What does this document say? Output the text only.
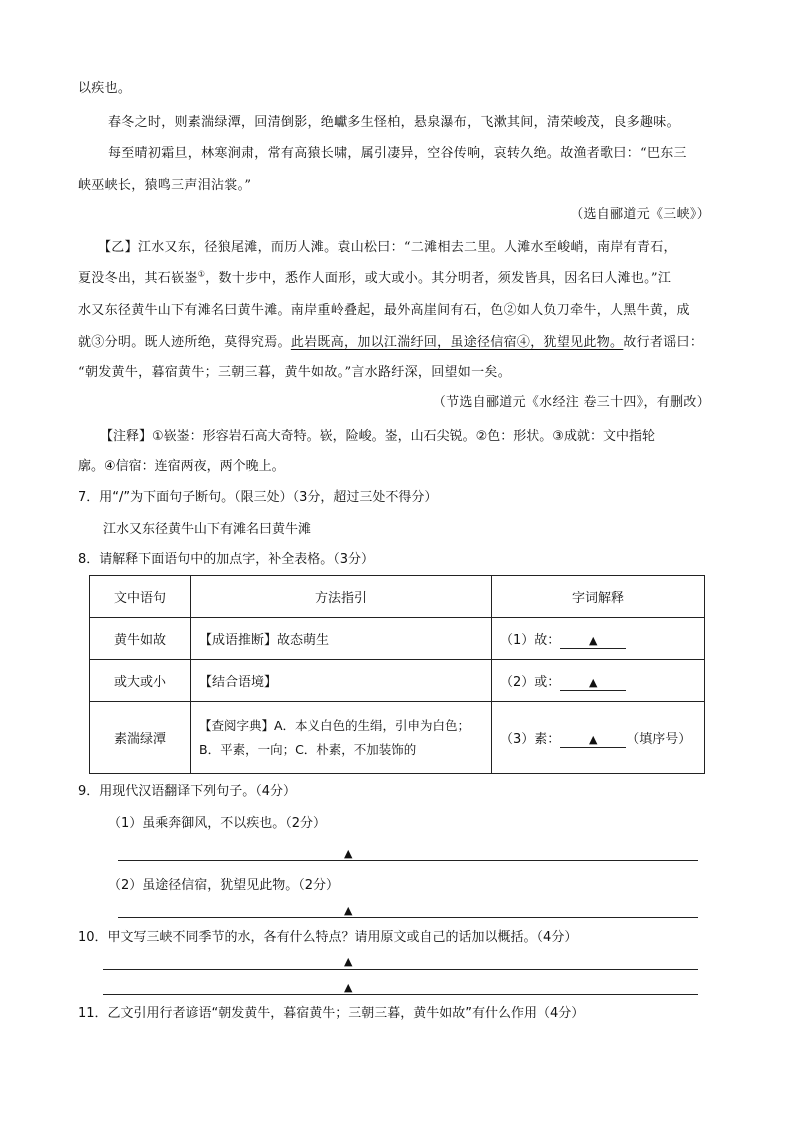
以疾也。
春冬之时，则素湍绿潭，回清倒影，绝巘多生怪柏，悬泉瀑布，飞漱其间，清荣峻茂，良多趣味。
每至晴初霜旦，林寒涧肃，常有高猿长啸，属引凄异，空谷传响，哀转久绝。故渔者歌曰：“巴东三
峡巫峡长，猿鸣三声泪沾裳。”
（选自郦道元《三峡》）
【乙】江水又东，径狼尾滩，而历人滩。袁山松曰：“二滩相去二里。人滩水至峻峭，南岸有青石，
夏没冬出，其石嵚崟①，数十步中，悉作人面形，或大或小。其分明者，须发皆具，因名曰人滩也。”江
水又东径黄牛山下有滩名曰黄牛滩。南岸重岭叠起，最外高崖间有石，色②如人负刀牵牛，人黑牛黄，成
就③分明。既人迹所绝，莫得究焉。此岩既高，加以江湍纡回，虽途径信宿④，犹望见此物。故行者谣曰：
“朝发黄牛，暮宿黄牛；三朝三暮，黄牛如故。”言水路纡深，回望如一矣。
（节选自郦道元《水经注 卷三十四》，有删改）
【注释】①嵚崟：形容岩石高大奇特。嵚，险峻。崟，山石尖锐。②色：形状。③成就：文中指轮
廓。④信宿：连宿两夜，两个晚上。
7．用“/”为下面句子断句。（限三处）（3分，超过三处不得分）
江水又东径黄牛山下有滩名曰黄牛滩
8．请解释下面语句中的加点字，补全表格。（3分）
文中语句	方法指引	字词解释
黄牛如故	【成语推断】故态萌生	（1）故： ▲
或大或小	【结合语境】	（2）或： ▲
素湍绿潭	【查阅字典】A．本义白色的生绢，引申为白色；
B．平素，一向；C．朴素，不加装饰的	（3）素： ▲ （填序号）
9．用现代汉语翻译下列句子。（4分）
（1）虽乘奔御风，不以疾也。（2分）
▲
（2）虽途径信宿，犹望见此物。（2分）
▲
10．甲文写三峡不同季节的水，各有什么特点？请用原文或自己的话加以概括。（4分）
▲
▲
11．乙文引用行者谚语“朝发黄牛，暮宿黄牛；三朝三暮，黄牛如故”有什么作用（4分）
